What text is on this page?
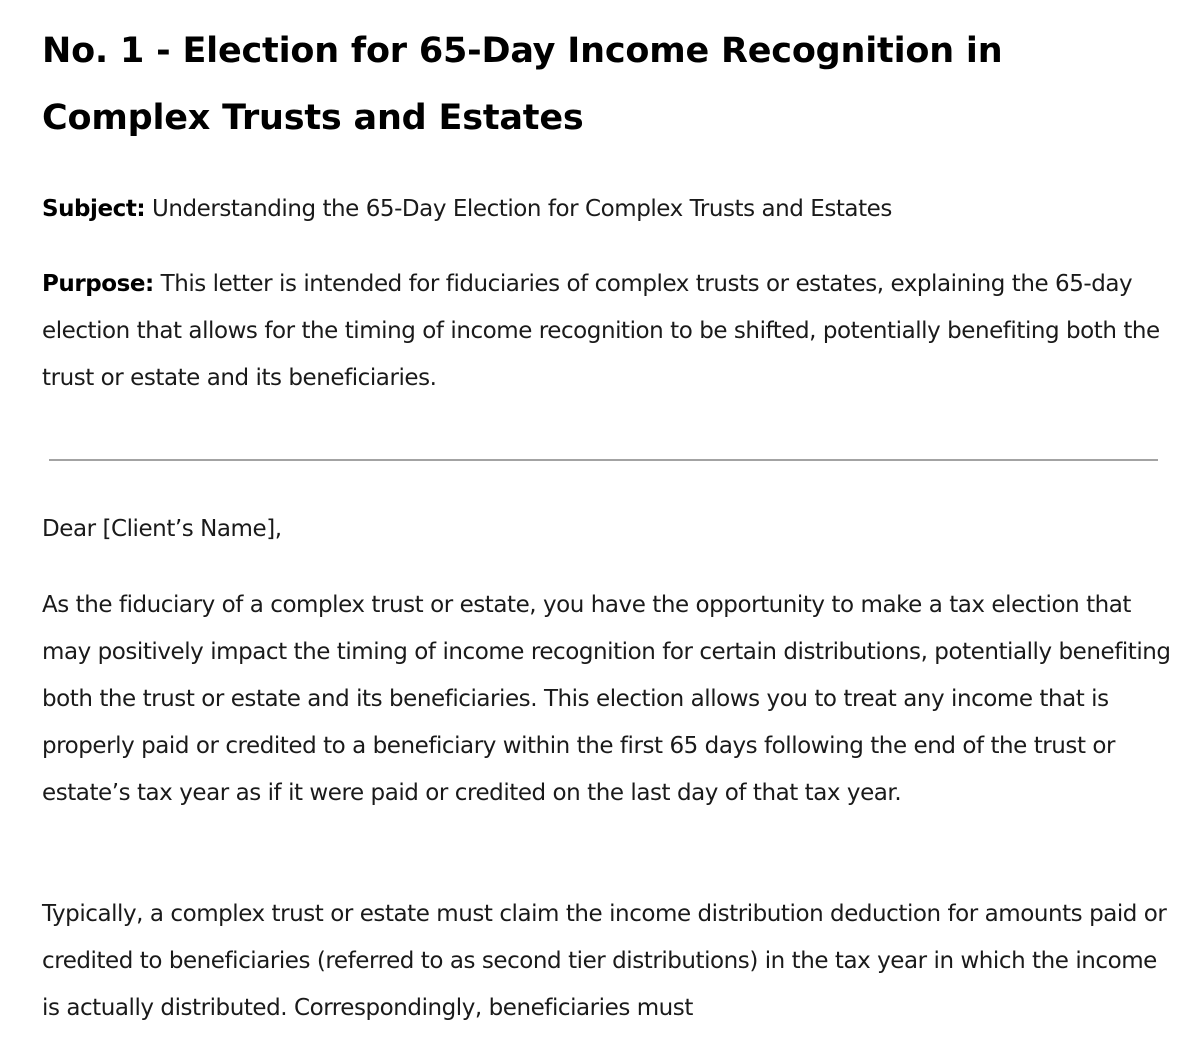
No. 1 - Election for 65-Day Income Recognition in Complex Trusts and Estates

Subject: Understanding the 65-Day Election for Complex Trusts and Estates

Purpose: This letter is intended for fiduciaries of complex trusts or estates, explaining the 65-day election that allows for the timing of income recognition to be shifted, potentially benefiting both the trust or estate and its beneficiaries.

Dear [Client’s Name],

As the fiduciary of a complex trust or estate, you have the opportunity to make a tax election that may positively impact the timing of income recognition for certain distributions, potentially benefiting both the trust or estate and its beneficiaries. This election allows you to treat any income that is properly paid or credited to a beneficiary within the first 65 days following the end of the trust or estate’s tax year as if it were paid or credited on the last day of that tax year.

Typically, a complex trust or estate must claim the income distribution deduction for amounts paid or credited to beneficiaries (referred to as second tier distributions) in the tax year in which the income is actually distributed. Correspondingly, beneficiaries must
